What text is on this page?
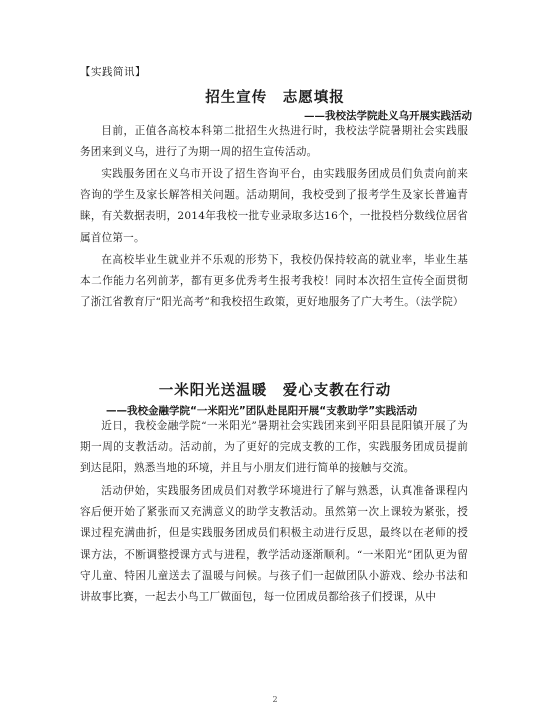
【实践简讯】
招生宣传　志愿填报
——我校法学院赴义乌开展实践活动

目前，正值各高校本科第二批招生火热进行时，我校法学院暑期社会实践服务团来到义乌，进行了为期一周的招生宣传活动。

实践服务团在义乌市开设了招生咨询平台，由实践服务团成员们负责向前来咨询的学生及家长解答相关问题。活动期间，我校受到了报考学生及家长普遍青睐，有关数据表明，2014年我校一批专业录取多达16个，一批投档分数线位居省属首位第一。

在高校毕业生就业并不乐观的形势下，我校仍保持较高的就业率，毕业生基本二作能力名列前茅，都有更多优秀考生报考我校！同时本次招生宣传全面贯彻了浙江省教育厅“阳光高考”和我校招生政策，更好地服务了广大考生。（法学院）

一米阳光送温暖　爱心支教在行动
——我校金融学院“一米阳光”团队赴昆阳开展“支教助学”实践活动

近日，我校金融学院“一米阳光”暑期社会实践团来到平阳县昆阳镇开展了为期一周的支教活动。活动前，为了更好的完成支教的工作，实践服务团成员提前到达昆阳，熟悉当地的环境，并且与小朋友们进行简单的接触与交流。

活动伊始，实践服务团成员们对教学环境进行了解与熟悉，认真准备课程内容后便开始了紧张而又充满意义的助学支教活动。虽然第一次上课较为紧张，授课过程充满曲折，但是实践服务团成员们积极主动进行反思，最终以在老师的授课方法，不断调整授课方式与进程，教学活动逐渐顺利。“一米阳光”团队更为留守儿童、特困儿童送去了温暖与问候。与孩子们一起做团队小游戏、绘办书法和讲故事比赛，一起去小鸟工厂做面包，每一位团成员都给孩子们授课，从中

2
